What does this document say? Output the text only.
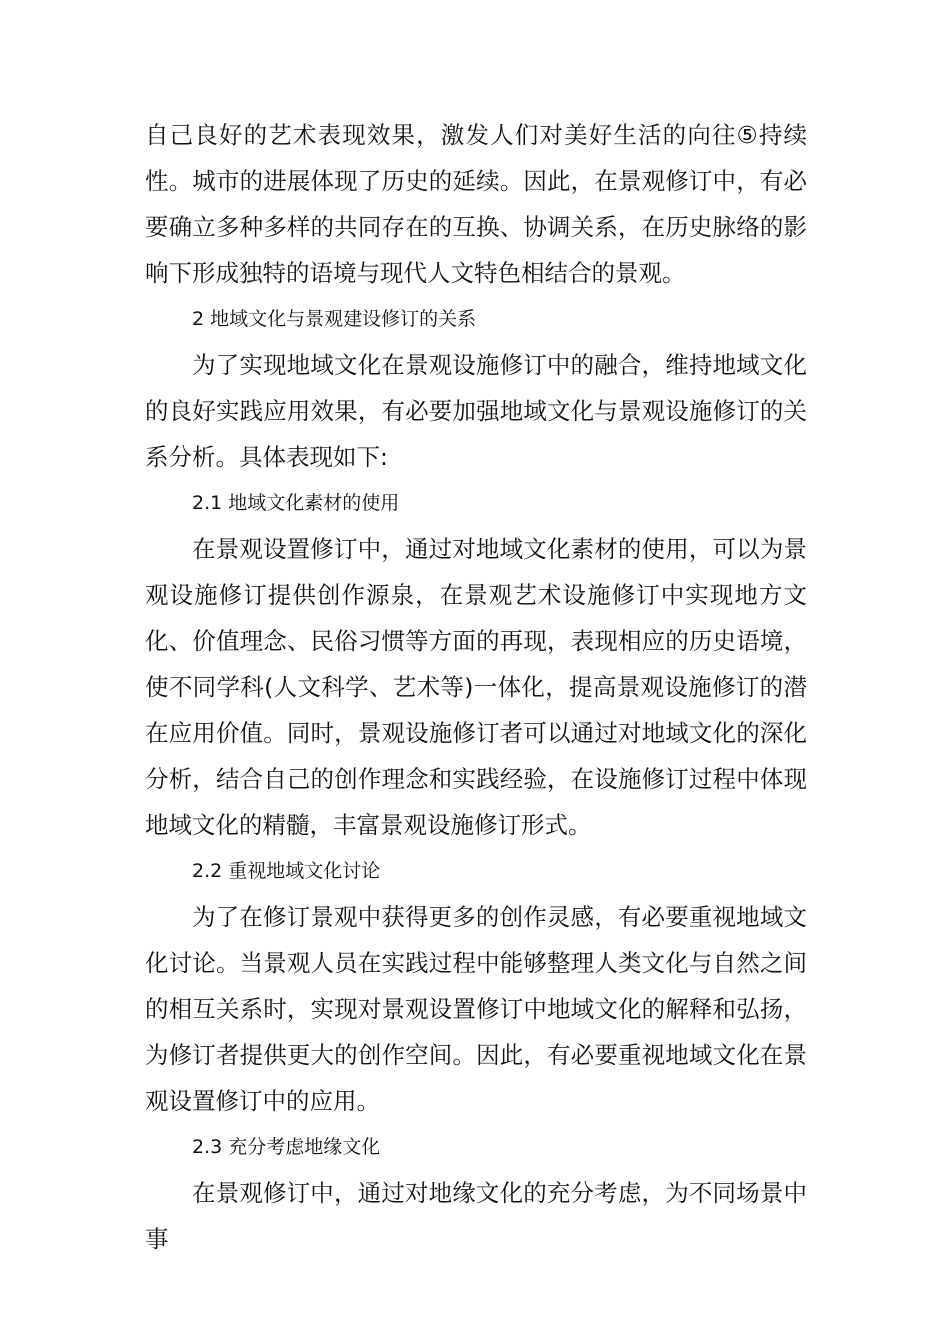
自己良好的艺术表现效果，激发人们对美好生活的向往⑤持续性。城市的进展体现了历史的延续。因此，在景观修订中，有必要确立多种多样的共同存在的互换、协调关系，在历史脉络的影响下形成独特的语境与现代人文特色相结合的景观。

2 地域文化与景观建设修订的关系

为了实现地域文化在景观设施修订中的融合，维持地域文化的良好实践应用效果，有必要加强地域文化与景观设施修订的关系分析。具体表现如下:

2.1 地域文化素材的使用

在景观设置修订中，通过对地域文化素材的使用，可以为景观设施修订提供创作源泉，在景观艺术设施修订中实现地方文化、价值理念、民俗习惯等方面的再现，表现相应的历史语境，使不同学科(人文科学、艺术等)一体化，提高景观设施修订的潜在应用价值。同时，景观设施修订者可以通过对地域文化的深化分析，结合自己的创作理念和实践经验，在设施修订过程中体现地域文化的精髓，丰富景观设施修订形式。

2.2 重视地域文化讨论

为了在修订景观中获得更多的创作灵感，有必要重视地域文化讨论。当景观人员在实践过程中能够整理人类文化与自然之间的相互关系时，实现对景观设置修订中地域文化的解释和弘扬，为修订者提供更大的创作空间。因此，有必要重视地域文化在景观设置修订中的应用。

2.3 充分考虑地缘文化

在景观修订中，通过对地缘文化的充分考虑，为不同场景中事
